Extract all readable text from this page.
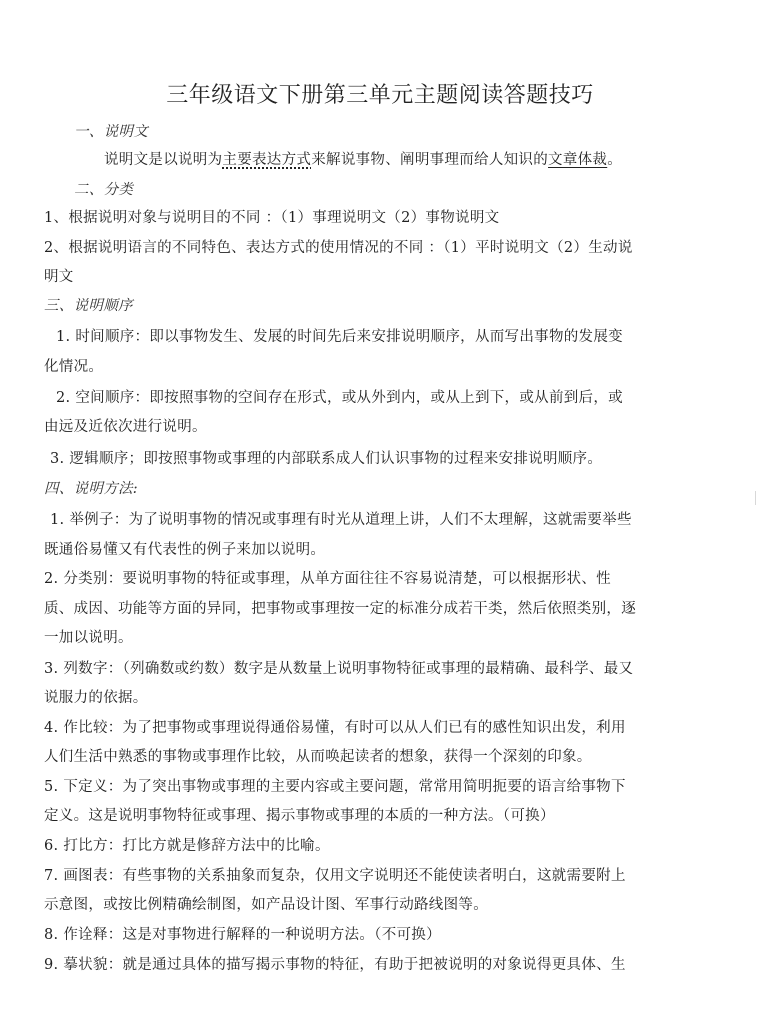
三年级语文下册第三单元主题阅读答题技巧
一、说明文
说明文是以说明为主要表达方式来解说事物、阐明事理而给人知识的文章体裁。
二、分类
1、根据说明对象与说明目的不同 ：（1）事理说明文（2）事物说明文
2、根据说明语言的不同特色、表达方式的使用情况的不同 ：（1）平时说明文（2）生动说
明文
三、说明顺序
1. 时间顺序：即以事物发生、发展的时间先后来安排说明顺序，从而写出事物的发展变
化情况。
2. 空间顺序：即按照事物的空间存在形式，或从外到内，或从上到下，或从前到后，或
由远及近依次进行说明。
3. 逻辑顺序；即按照事物或事理的内部联系成人们认识事物的过程来安排说明顺序。
四、说明方法:
1. 举例子：为了说明事物的情况或事理有时光从道理上讲，人们不太理解，这就需要举些
既通俗易懂又有代表性的例子来加以说明。
2. 分类别：要说明事物的特征或事理，从单方面往往不容易说清楚，可以根据形状、性
质、成因、功能等方面的异同，把事物或事理按一定的标准分成若干类，然后依照类别，逐
一加以说明。
3. 列数字：（列确数或约数）数字是从数量上说明事物特征或事理的最精确、最科学、最又
说服力的依据。
4. 作比较：为了把事物或事理说得通俗易懂，有时可以从人们已有的感性知识出发，利用
人们生活中熟悉的事物或事理作比较，从而唤起读者的想象，获得一个深刻的印象。
5. 下定义：为了突出事物或事理的主要内容或主要问题，常常用简明扼要的语言给事物下
定义。这是说明事物特征或事理、揭示事物或事理的本质的一种方法。（可换）
6. 打比方：打比方就是修辞方法中的比喻。
7. 画图表：有些事物的关系抽象而复杂，仅用文字说明还不能使读者明白，这就需要附上
示意图，或按比例精确绘制图，如产品设计图、军事行动路线图等。
8. 作诠释：这是对事物进行解释的一种说明方法。（不可换）
9. 摹状貌：就是通过具体的描写揭示事物的特征，有助于把被说明的对象说得更具体、生
